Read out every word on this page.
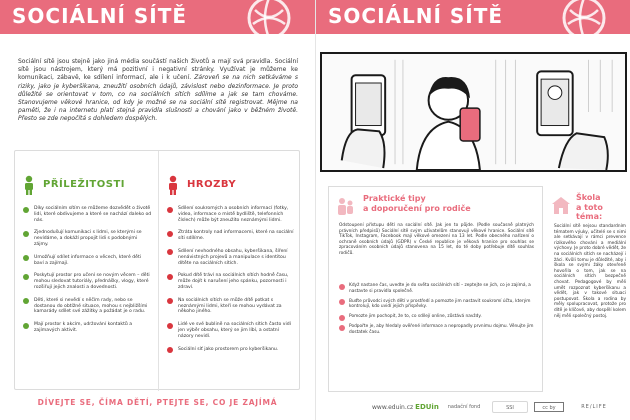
SOCIÁLNÍ SÍTĚ
Sociální sítě jsou stejně jako jiná média součástí našich životů a mají svá pravidla. Sociální sítě jsou nástrojem, který má pozitivní i negativní stránky. Využívat je můžeme ke komunikaci, zábavě, ke sdílení informací, ale i k učení. Zároveň se na nich setkáváme s riziky, jako je kyberšikana, zneužití osobních údajů, závislost nebo dezinformace. Je proto důležité se orientovat v tom, co na sociálních sítích sdílíme a jak se tam chováme. Stanovujeme věkové hranice, od kdy je možné se na sociální sítě registrovat. Mějme na paměti, že i na internetu platí stejná pravidla slušnosti a chování jako v běžném životě. Přesto se zde nepočítá s dohledem dospělých.
PŘÍLEŽITOSTI
Díky sociálním sítím se můžeme dozvědět o životě lidí, které obdivujeme a které se nachází daleko od nás.
Zjednodušují komunikaci s lidmi, se kterými se nevídáme, a dokáží propojit lidi s podobnými zájmy.
Umožňují sdílet informace o věcech, které děti baví a zajímají.
Poskytují prostor pro učení se novým věcem – děti mohou sledovat tutoriály, přednášky, vlogy, které rozšiřují jejich znalosti a dovednosti.
Děti, které si nevědí s něčím rady, nebo se dostanou do obtížné situace, mohou s nejbližšími kamarády sdílet své zážitky a požádat je o radu.
Mají prostor k akcím, udržování kontaktů a zajímavých aktivit.
HROZBY
Sdílení soukromých a osobních informací (fotky, videa, informace o místě bydliště, telefonních číslech) může být zneužito neznámými lidmi.
Ztráta kontroly nad informacemi, které na sociální síti sdílíme.
Sdílení nevhodného obsahu, kyberšikana, šíření nenávistných projevů a manipulace s identitou dítěte na sociálních sítích.
Pokud dítě tráví na sociálních sítích hodně času, může dojít k narušení jeho spánku, pozornosti i zdraví.
Na sociálních sítích se může dítě potkat s neznámými lidmi, kteří se mohou vydávat za někoho jiného.
Lidé ve své bublině na sociálních sítích často vidí jen výběr obsahu, který se jim líbí, a ostatní názory nevidí.
Sociální síť jako prostorem pro kyberšikanu.
DÍVEJTE SE, ČÍMA DĚTÍ, PTEJTE SE, CO JE ZAJÍMÁ
SOCIÁLNÍ SÍTĚ
Praktické tipy
a doporučení pro rodiče
Odstoupení přístupu dětí na sociální sítě. Jak jen to půjde. (Podle současně platných právních předpisů) Sociální sítě svým uživatelům stanovují věkové hranice. Sociální sítě TikTok, Instagram, Facebook mají věkové omezení na 13 let. Podle obecného nařízení o ochraně osobních údajů (GDPR) v České republice je věková hranice pro souhlas se zpracováním osobních údajů stanovena na 15 let, do té doby potřebuje dítě souhlas rodičů.
Když nastane čas, uvedte je do světa sociálních sítí – zeptejte se jich, co je zajímá, a nastavte si pravidla společně.
Buďte průvodci svých dětí v prostředí a pomozte jim nastavit soukromí účtu, kterým kontrolují, kdo uvidí jejich příspěvky.
Pomozte jim pochopit, že to, co sdílejí online, zůstává navždy.
Podpořte je, aby hledaly ověřené informace a nepropadly prvnímu dojmu. Věnujte jim dostatek času.
Škola
a toto téma:
Sociální sítě nejsou standardním tématem výuky, učitelé se s nimi ale setkávají v rámci prevence rizikového chování a mediální výchovy. Je proto dobré vědět, že na sociálních sítích se nacházejí i žáci. Kvůli tomu je důležité, aby i škola se svými žáky otevřeně hovořila o tom, jak se na sociálních sítích bezpečně chovat. Pedagogové by měli umět rozpoznat kyberšikanu a vědět, jak v takové situaci postupovat. Škola a rodina by měly spolupracovat, protože pro dítě je klíčové, aby dospělí kolem něj měli společný postoj.
www.eduin.cz EDUin	nadační fond	SSI	cc by	RE/LIFE
